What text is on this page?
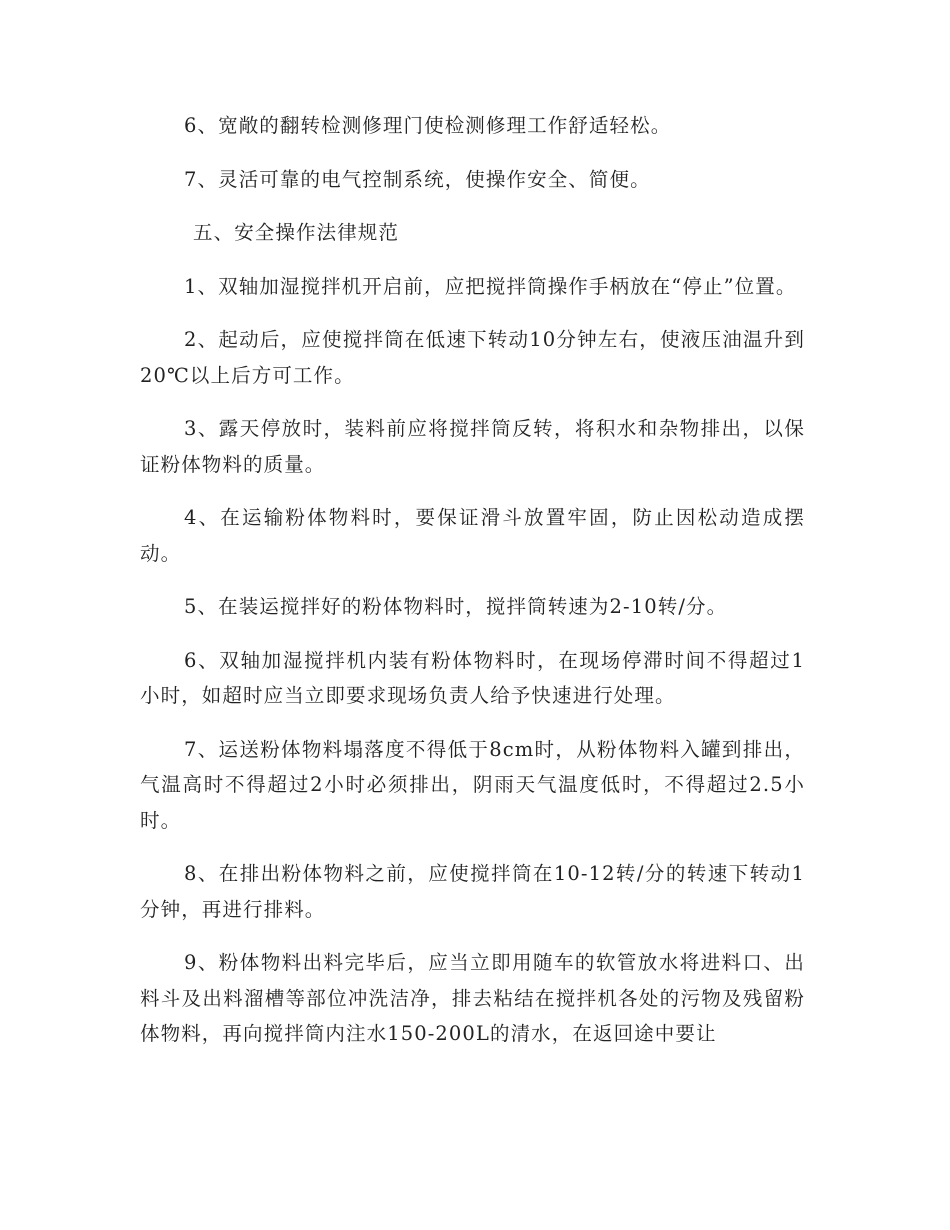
6、宽敞的翻转检测修理门使检测修理工作舒适轻松。

7、灵活可靠的电气控制系统，使操作安全、简便。

五、安全操作法律规范

1、双轴加湿搅拌机开启前，应把搅拌筒操作手柄放在“停止”位置。

2、起动后，应使搅拌筒在低速下转动10分钟左右，使液压油温升到20℃以上后方可工作。

3、露天停放时，装料前应将搅拌筒反转，将积水和杂物排出，以保证粉体物料的质量。

4、在运输粉体物料时，要保证滑斗放置牢固，防止因松动造成摆动。

5、在装运搅拌好的粉体物料时，搅拌筒转速为2-10转/分。

6、双轴加湿搅拌机内装有粉体物料时，在现场停滞时间不得超过1小时，如超时应当立即要求现场负责人给予快速进行处理。

7、运送粉体物料塌落度不得低于8cm时，从粉体物料入罐到排出，气温高时不得超过2小时必须排出，阴雨天气温度低时，不得超过2.5小时。

8、在排出粉体物料之前，应使搅拌筒在10-12转/分的转速下转动1分钟，再进行排料。

9、粉体物料出料完毕后，应当立即用随车的软管放水将进料口、出料斗及出料溜槽等部位冲洗洁净，排去粘结在搅拌机各处的污物及残留粉体物料，再向搅拌筒内注水150-200L的清水，在返回途中要让
